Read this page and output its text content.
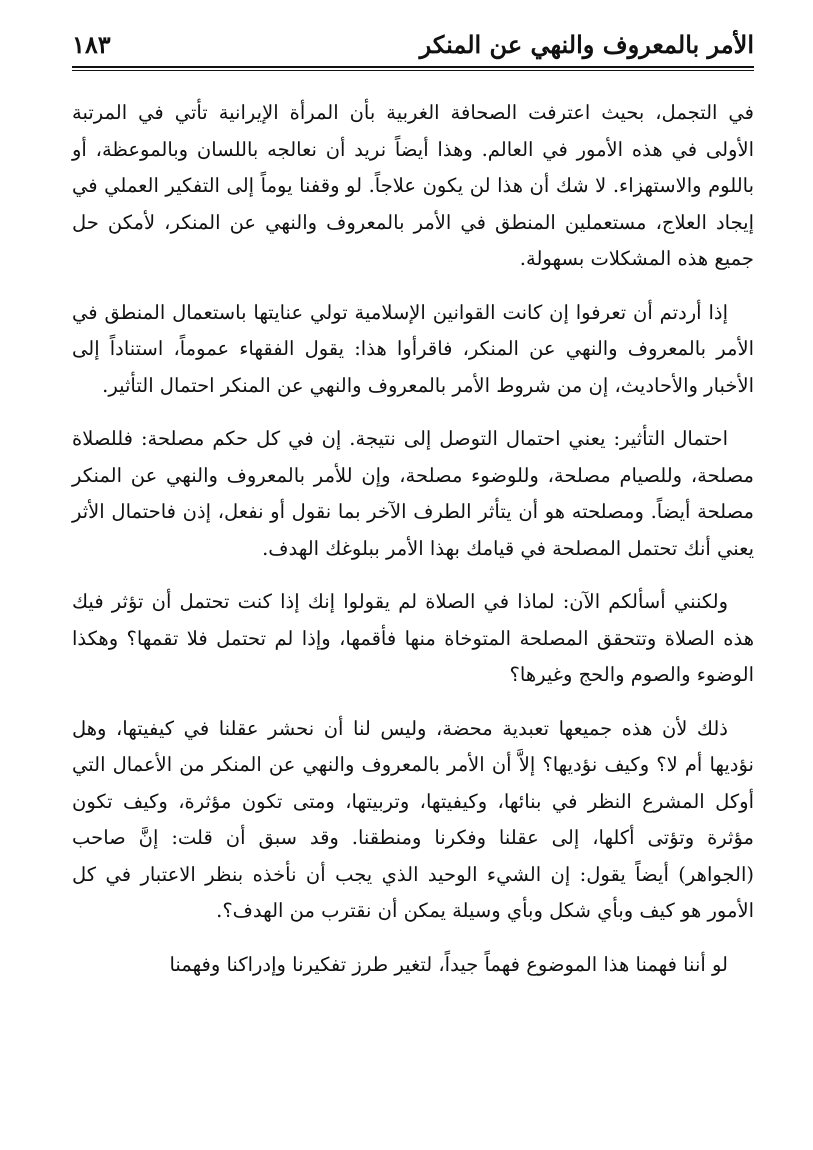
الأمر بالمعروف والنهي عن المنكر
١٨٣

في التجمل، بحيث اعترفت الصحافة الغربية بأن المرأة الإيرانية تأتي في المرتبة الأولى في هذه الأمور في العالم. وهذا أيضاً نريد أن نعالجه باللسان وبالموعظة، أو باللوم والاستهزاء. لا شك أن هذا لن يكون علاجاً. لو وقفنا يوماً إلى التفكير العملي في إيجاد العلاج، مستعملين المنطق في الأمر بالمعروف والنهي عن المنكر، لأمكن حل جميع هذه المشكلات بسهولة.

إذا أردتم أن تعرفوا إن كانت القوانين الإسلامية تولي عنايتها باستعمال المنطق في الأمر بالمعروف والنهي عن المنكر، فاقرأوا هذا: يقول الفقهاء عموماً، استناداً إلى الأخبار والأحاديث، إن من شروط الأمر بالمعروف والنهي عن المنكر احتمال التأثير.

احتمال التأثير: يعني احتمال التوصل إلى نتيجة. إن في كل حكم مصلحة: فللصلاة مصلحة، وللصيام مصلحة، وللوضوء مصلحة، وإن للأمر بالمعروف والنهي عن المنكر مصلحة أيضاً. ومصلحته هو أن يتأثر الطرف الآخر بما نقول أو نفعل، إذن فاحتمال الأثر يعني أنك تحتمل المصلحة في قيامك بهذا الأمر ببلوغك الهدف.

ولكنني أسألكم الآن: لماذا في الصلاة لم يقولوا إنك إذا كنت تحتمل أن تؤثر فيك هذه الصلاة وتتحقق المصلحة المتوخاة منها فأقمها، وإذا لم تحتمل فلا تقمها؟ وهكذا الوضوء والصوم والحج وغيرها؟

ذلك لأن هذه جميعها تعبدية محضة، وليس لنا أن نحشر عقلنا في كيفيتها، وهل نؤديها أم لا؟ وكيف نؤديها؟ إلاَّ أن الأمر بالمعروف والنهي عن المنكر من الأعمال التي أوكل المشرع النظر في بنائها، وكيفيتها، وتربيتها، ومتى تكون مؤثرة، وكيف تكون مؤثرة وتؤتى أكلها، إلى عقلنا وفكرنا ومنطقنا. وقد سبق أن قلت: إنَّ صاحب (الجواهر) أيضاً يقول: إن الشيء الوحيد الذي يجب أن نأخذه بنظر الاعتبار في كل الأمور هو كيف وبأي شكل وبأي وسيلة يمكن أن نقترب من الهدف؟.

لو أننا فهمنا هذا الموضوع فهماً جيداً، لتغير طرز تفكيرنا وإدراكنا وفهمنا
